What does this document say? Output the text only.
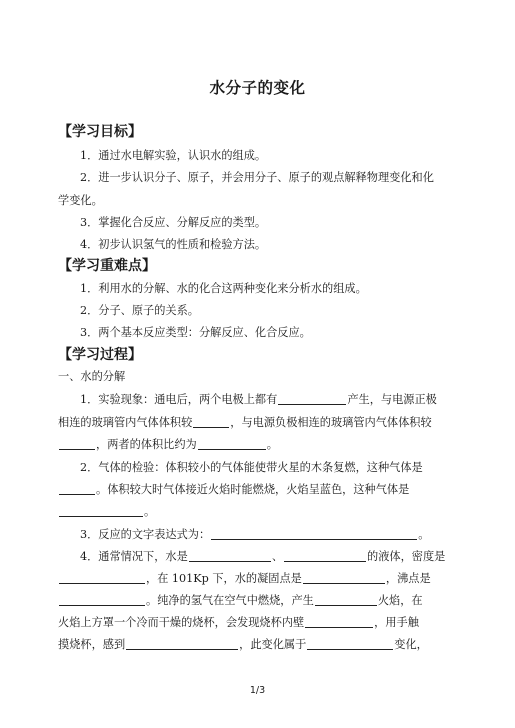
水分子的变化
【学习目标】
1．通过水电解实验，认识水的组成。
2．进一步认识分子、原子，并会用分子、原子的观点解释物理变化和化
学变化。
3．掌握化合反应、分解反应的类型。
4．初步认识氢气的性质和检验方法。
【学习重难点】
1．利用水的分解、水的化合这两种变化来分析水的组成。
2．分子、原子的关系。
3．两个基本反应类型：分解反应、化合反应。
【学习过程】
一、水的分解
1．实验现象：通电后，两个电极上都有	产生，与电源正极
相连的玻璃管内气体体积较	，与电源负极相连的玻璃管内气体体积较
，两者的体积比约为	。
2．气体的检验：体积较小的气体能使带火星的木条复燃，这种气体是
。体积较大时气体接近火焰时能燃烧，火焰呈蓝色，这种气体是
。
3．反应的文字表达式为：	。
4．通常情况下，水是	、	的液体，密度是
，在 101Kp 下，水的凝固点是	，沸点是
。纯净的氢气在空气中燃烧，产生	火焰，在
火焰上方罩一个冷而干燥的烧杯，会发现烧杯内壁	，用手触
摸烧杯，感到	，此变化属于	变化，
1/3
